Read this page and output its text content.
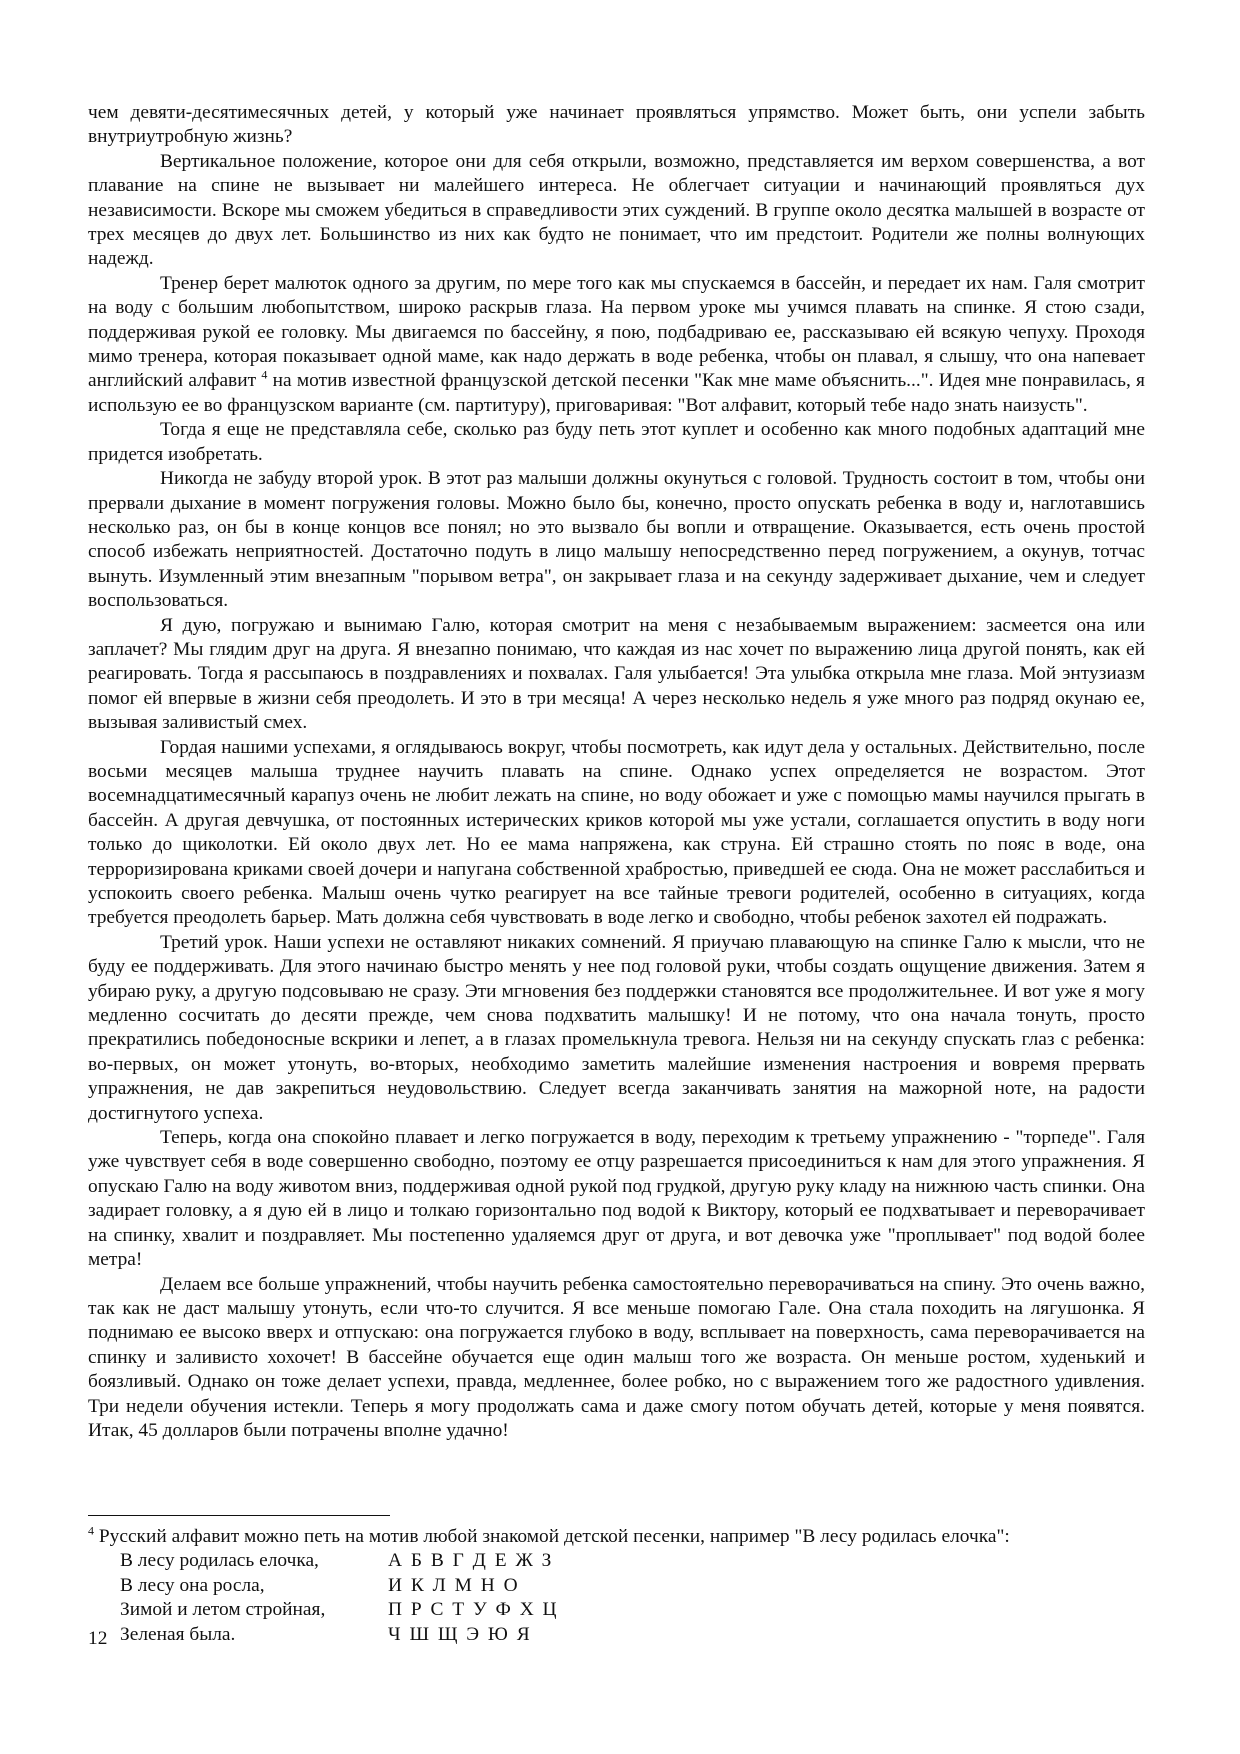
чем девяти-десятимесячных детей, у который уже начинает проявляться упрямство. Может быть, они успели забыть внутриутробную жизнь?

Вертикальное положение, которое они для себя открыли, возможно, представляется им верхом совершенства, а вот плавание на спине не вызывает ни малейшего интереса. Не облегчает ситуации и начинающий проявляться дух независимости. Вскоре мы сможем убедиться в справедливости этих суждений. В группе около десятка малышей в возрасте от трех месяцев до двух лет. Большинство из них как будто не понимает, что им предстоит. Родители же полны волнующих надежд.

Тренер берет малюток одного за другим, по мере того как мы спускаемся в бассейн, и передает их нам. Галя смотрит на воду с большим любопытством, широко раскрыв глаза. На первом уроке мы учимся плавать на спинке. Я стою сзади, поддерживая рукой ее головку. Мы двигаемся по бассейну, я пою, подбадриваю ее, рассказываю ей всякую чепуху. Проходя мимо тренера, которая показывает одной маме, как надо держать в воде ребенка, чтобы он плавал, я слышу, что она напевает английский алфавит $^4$ на мотив известной французской детской песенки "Как мне маме объяснить...". Идея мне понравилась, я использую ее во французском варианте (см. партитуру), приговаривая: "Вот алфавит, который тебе надо знать наизусть".

Тогда я еще не представляла себе, сколько раз буду петь этот куплет и особенно как много подобных адаптаций мне придется изобретать.

Никогда не забуду второй урок. В этот раз малыши должны окунуться с головой. Трудность состоит в том, чтобы они прервали дыхание в момент погружения головы. Можно было бы, конечно, просто опускать ребенка в воду и, наглотавшись несколько раз, он бы в конце концов все понял; но это вызвало бы вопли и отвращение. Оказывается, есть очень простой способ избежать неприятностей. Достаточно подуть в лицо малышу непосредственно перед погружением, а окунув, тотчас вынуть. Изумленный этим внезапным "порывом ветра", он закрывает глаза и на секунду задерживает дыхание, чем и следует воспользоваться.

Я дую, погружаю и вынимаю Галю, которая смотрит на меня с незабываемым выражением: засмеется она или заплачет? Мы глядим друг на друга. Я внезапно понимаю, что каждая из нас хочет по выражению лица другой понять, как ей реагировать. Тогда я рассыпаюсь в поздравлениях и похвалах. Галя улыбается! Эта улыбка открыла мне глаза. Мой энтузиазм помог ей впервые в жизни себя преодолеть. И это в три месяца! А через несколько недель я уже много раз подряд окунаю ее, вызывая заливистый смех.

Гордая нашими успехами, я оглядываюсь вокруг, чтобы посмотреть, как идут дела у остальных. Действительно, после восьми месяцев малыша труднее научить плавать на спине. Однако успех определяется не возрастом. Этот восемнадцатимесячный карапуз очень не любит лежать на спине, но воду обожает и уже с помощью мамы научился прыгать в бассейн. А другая девчушка, от постоянных истерических криков которой мы уже устали, соглашается опустить в воду ноги только до щиколотки. Ей около двух лет. Но ее мама напряжена, как струна. Ей страшно стоять по пояс в воде, она терроризирована криками своей дочери и напугана собственной храбростью, приведшей ее сюда. Она не может расслабиться и успокоить своего ребенка. Малыш очень чутко реагирует на все тайные тревоги родителей, особенно в ситуациях, когда требуется преодолеть барьер. Мать должна себя чувствовать в воде легко и свободно, чтобы ребенок захотел ей подражать.

Третий урок. Наши успехи не оставляют никаких сомнений. Я приучаю плавающую на спинке Галю к мысли, что не буду ее поддерживать. Для этого начинаю быстро менять у нее под головой руки, чтобы создать ощущение движения. Затем я убираю руку, а другую подсовываю не сразу. Эти мгновения без поддержки становятся все продолжительнее. И вот уже я могу медленно сосчитать до десяти прежде, чем снова подхватить малышку! И не потому, что она начала тонуть, просто прекратились победоносные вскрики и лепет, а в глазах промелькнула тревога. Нельзя ни на секунду спускать глаз с ребенка: во-первых, он может утонуть, во-вторых, необходимо заметить малейшие изменения настроения и вовремя прервать упражнения, не дав закрепиться неудовольствию. Следует всегда заканчивать занятия на мажорной ноте, на радости достигнутого успеха.

Теперь, когда она спокойно плавает и легко погружается в воду, переходим к третьему упражнению - "торпеде". Галя уже чувствует себя в воде совершенно свободно, поэтому ее отцу разрешается присоединиться к нам для этого упражнения. Я опускаю Галю на воду животом вниз, поддерживая одной рукой под грудкой, другую руку кладу на нижнюю часть спинки. Она задирает головку, а я дую ей в лицо и толкаю горизонтально под водой к Виктору, который ее подхватывает и переворачивает на спинку, хвалит и поздравляет. Мы постепенно удаляемся друг от друга, и вот девочка уже "проплывает" под водой более метра!

Делаем все больше упражнений, чтобы научить ребенка самостоятельно переворачиваться на спину. Это очень важно, так как не даст малышу утонуть, если что-то случится. Я все меньше помогаю Гале. Она стала походить на лягушонка. Я поднимаю ее высоко вверх и отпускаю: она погружается глубоко в воду, всплывает на поверхность, сама переворачивается на спинку и заливисто хохочет! В бассейне обучается еще один малыш того же возраста. Он меньше ростом, худенький и боязливый. Однако он тоже делает успехи, правда, медленнее, более робко, но с выражением того же радостного удивления. Три недели обучения истекли. Теперь я могу продолжать сама и даже смогу потом обучать детей, которые у меня появятся. Итак, 45 долларов были потрачены вполне удачно!

$^4$ Русский алфавит можно петь на мотив любой знакомой детской песенки, например "В лесу родилась елочка":
В лесу родилась елочка,	А Б В Г Д Е Ж З
В лесу она росла,	И К Л М Н О
Зимой и летом стройная,	П Р С Т У Ф Х Ц
Зеленая была.	Ч Ш Щ Э Ю Я
12
